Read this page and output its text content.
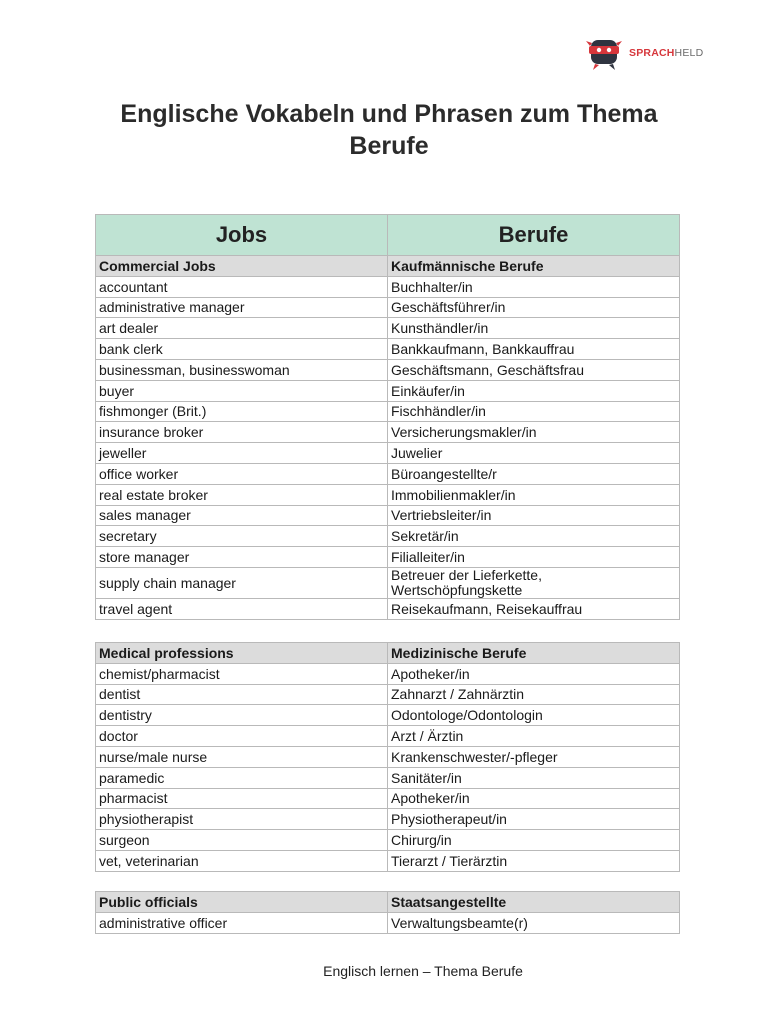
SPRACHHELD
Englische Vokabeln und Phrasen zum Thema Berufe
Jobs	Berufe
Commercial Jobs	Kaufmännische Berufe
accountant	Buchhalter/in
administrative manager	Geschäftsführer/in
art dealer	Kunsthändler/in
bank clerk	Bankkaufmann, Bankkauffrau
businessman, businesswoman	Geschäftsmann, Geschäftsfrau
buyer	Einkäufer/in
fishmonger (Brit.)	Fischhändler/in
insurance broker	Versicherungsmakler/in
jeweller	Juwelier
office worker	Büroangestellte/r
real estate broker	Immobilienmakler/in
sales manager	Vertriebsleiter/in
secretary	Sekretär/in
store manager	Filialleiter/in
supply chain manager	Betreuer der Lieferkette, Wertschöpfungskette
travel agent	Reisekaufmann, Reisekauffrau
Medical professions	Medizinische Berufe
chemist/pharmacist	Apotheker/in
dentist	Zahnarzt / Zahnärztin
dentistry	Odontologe/Odontologin
doctor	Arzt / Ärztin
nurse/male nurse	Krankenschwester/-pfleger
paramedic	Sanitäter/in
pharmacist	Apotheker/in
physiotherapist	Physiotherapeut/in
surgeon	Chirurg/in
vet, veterinarian	Tierarzt / Tierärztin
Public officials	Staatsangestellte
administrative officer	Verwaltungsbeamte(r)
Englisch lernen – Thema Berufe
